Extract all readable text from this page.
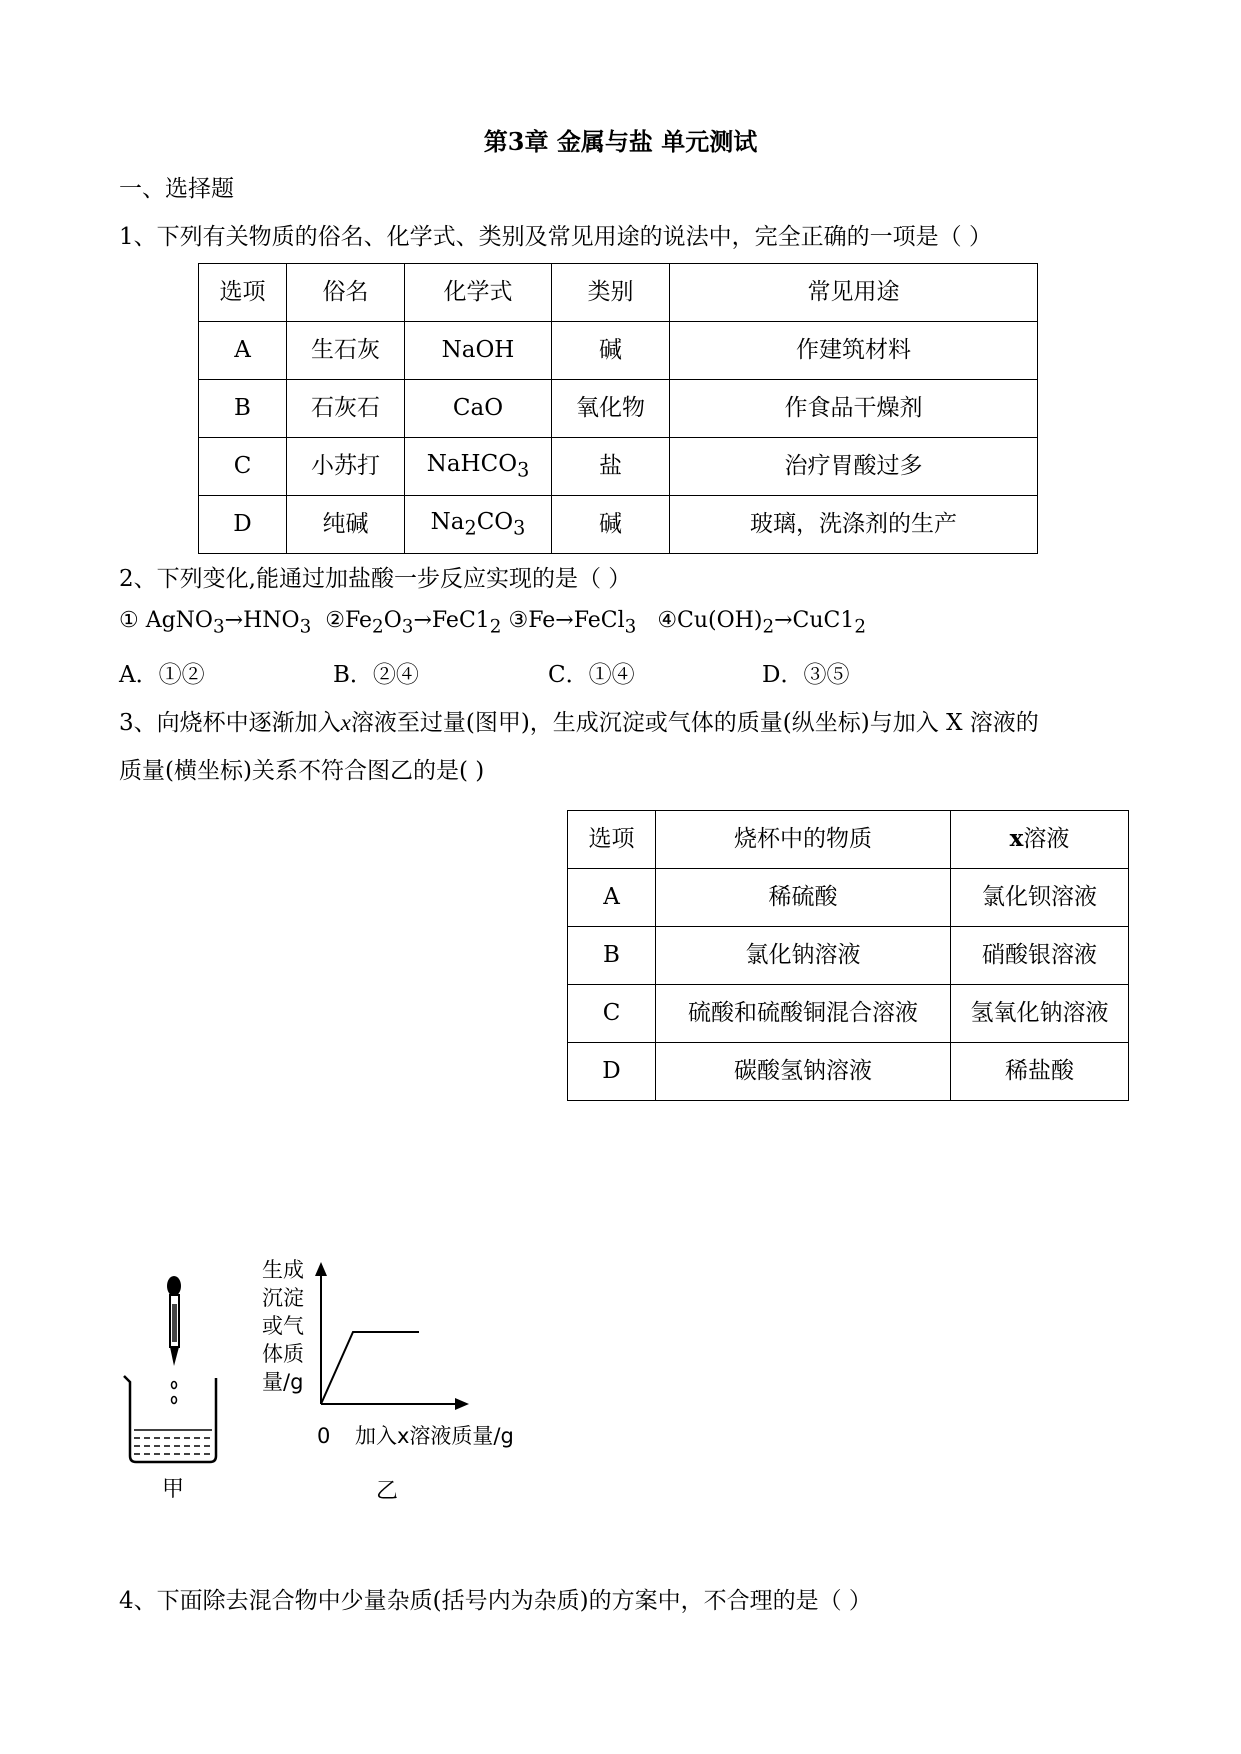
第3章 金属与盐 单元测试
一、选择题
1、下列有关物质的俗名、化学式、类别及常见用途的说法中，完全正确的一项是（ ）
选项	俗名	化学式	类别	常见用途
A	生石灰	NaOH	碱	作建筑材料
B	石灰石	CaO	氧化物	作食品干燥剂
C	小苏打	NaHCO$_3$	盐	治疗胃酸过多
D	纯碱	$Na_2CO_3$	碱	玻璃，洗涤剂的生产
2、下列变化,能通过加盐酸一步反应实现的是（ ）
① $AgNO_3\to HNO_3$ $②Fe_2O_3\to FeC1_2$ ③Fe→FeCl$_3$ $④Cu(OH)_2\to CuC1_2$
A．①②	B．②④	C．①④	D．③⑤
3、向烧杯中逐渐加入x溶液至过量(图甲)，生成沉淀或气体的质量(纵坐标)与加入 X 溶液的
质量(横坐标)关系不符合图乙的是( )
选项	烧杯中的物质	x溶液
A	稀硫酸	氯化钡溶液
B	氯化钠溶液	硝酸银溶液
C	硫酸和硫酸铜混合溶液	氢氧化钠溶液
D	碳酸氢钠溶液	稀盐酸
甲
生成
沉淀
或气
体质
量/g
0 加入x溶液质量/g
乙
4、下面除去混合物中少量杂质(括号内为杂质)的方案中，不合理的是（ ）
